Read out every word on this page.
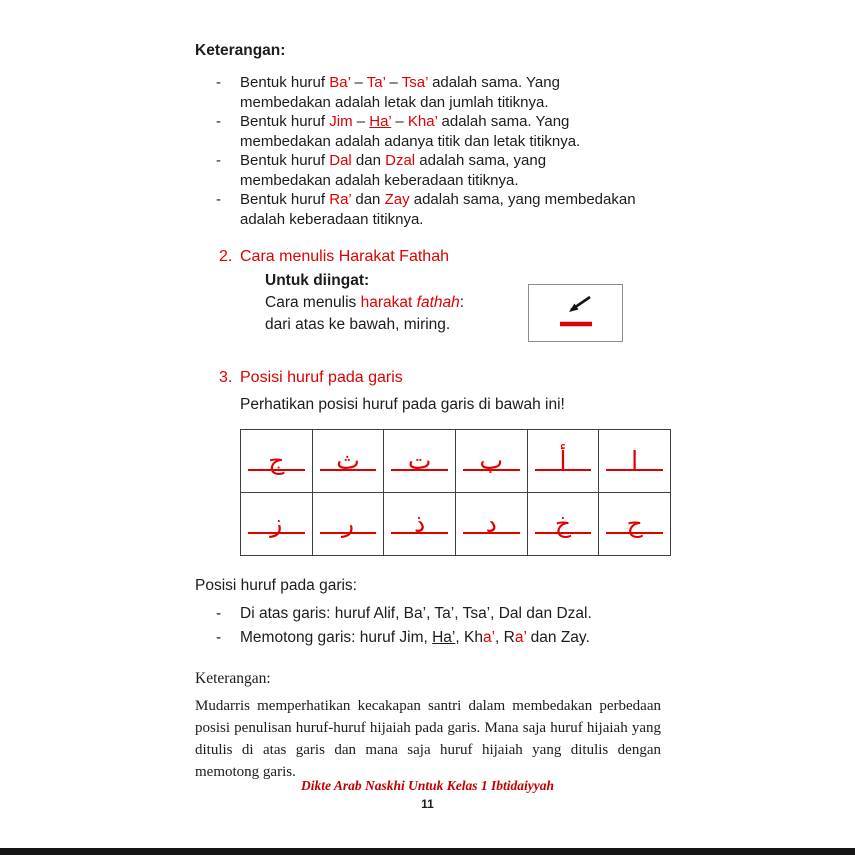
Keterangan:
-	Bentuk huruf Ba’ – Ta’ – Tsa’ adalah sama. Yang membedakan adalah letak dan jumlah titiknya.
-	Bentuk huruf Jim – Ha’ – Kha’ adalah sama. Yang membedakan adalah adanya titik dan letak titiknya.
-	Bentuk huruf Dal dan Dzal adalah sama, yang membedakan adalah keberadaan titiknya.
-	Bentuk huruf Ra’ dan Zay adalah sama, yang membedakan adalah keberadaan titiknya.
2. Cara menulis Harakat Fathah
Untuk diingat:
Cara menulis harakat fathah:
dari atas ke bawah, miring.
3. Posisi huruf pada garis
Perhatikan posisi huruf pada garis di bawah ini!
ج	ث	ت	ب	أ	ا

ز	ر	ذ	د	خ	ح
Posisi huruf pada garis:
-	Di atas garis: huruf Alif, Ba’, Ta’, Tsa’, Dal dan Dzal.
-	Memotong garis: huruf Jim, Ha’, Kha’, Ra’ dan Zay.
Keterangan:
Mudarris memperhatikan kecakapan santri dalam membedakan perbedaan posisi penulisan huruf-huruf hijaiah pada garis. Mana saja huruf hijaiah yang ditulis di atas garis dan mana saja huruf hijaiah yang ditulis dengan memotong garis.
Dikte Arab Naskhi Untuk Kelas 1 Ibtidaiyyah
11
